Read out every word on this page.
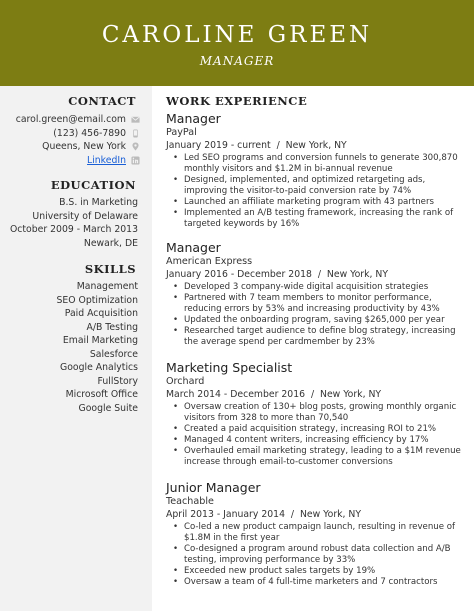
CAROLINE GREEN
MANAGER
CONTACT
carol.green@email.com
(123) 456-7890
Queens, New York
LinkedIn
EDUCATION
B.S. in Marketing
University of Delaware
October 2009 - March 2013
Newark, DE
SKILLS
Management
SEO Optimization
Paid Acquisition
A/B Testing
Email Marketing
Salesforce
Google Analytics
FullStory
Microsoft Office
Google Suite
WORK EXPERIENCE
Manager
PayPal
January 2019 - current  /  New York, NY
• Led SEO programs and conversion funnels to generate 300,870 monthly visitors and $1.2M in bi-annual revenue
• Designed, implemented, and optimized retargeting ads, improving the visitor-to-paid conversion rate by 74%
• Launched an affiliate marketing program with 43 partners
• Implemented an A/B testing framework, increasing the rank of targeted keywords by 16%
Manager
American Express
January 2016 - December 2018  /  New York, NY
• Developed 3 company-wide digital acquisition strategies
• Partnered with 7 team members to monitor performance, reducing errors by 53% and increasing productivity by 43%
• Updated the onboarding program, saving $265,000 per year
• Researched target audience to define blog strategy, increasing the average spend per cardmember by 23%
Marketing Specialist
Orchard
March 2014 - December 2016  /  New York, NY
• Oversaw creation of 130+ blog posts, growing monthly organic visitors from 328 to more than 70,540
• Created a paid acquisition strategy, increasing ROI to 21%
• Managed 4 content writers, increasing efficiency by 17%
• Overhauled email marketing strategy, leading to a $1M revenue increase through email-to-customer conversions
Junior Manager
Teachable
April 2013 - January 2014  /  New York, NY
• Co-led a new product campaign launch, resulting in revenue of $1.8M in the first year
• Co-designed a program around robust data collection and A/B testing, improving performance by 33%
• Exceeded new product sales targets by 19%
• Oversaw a team of 4 full-time marketers and 7 contractors
